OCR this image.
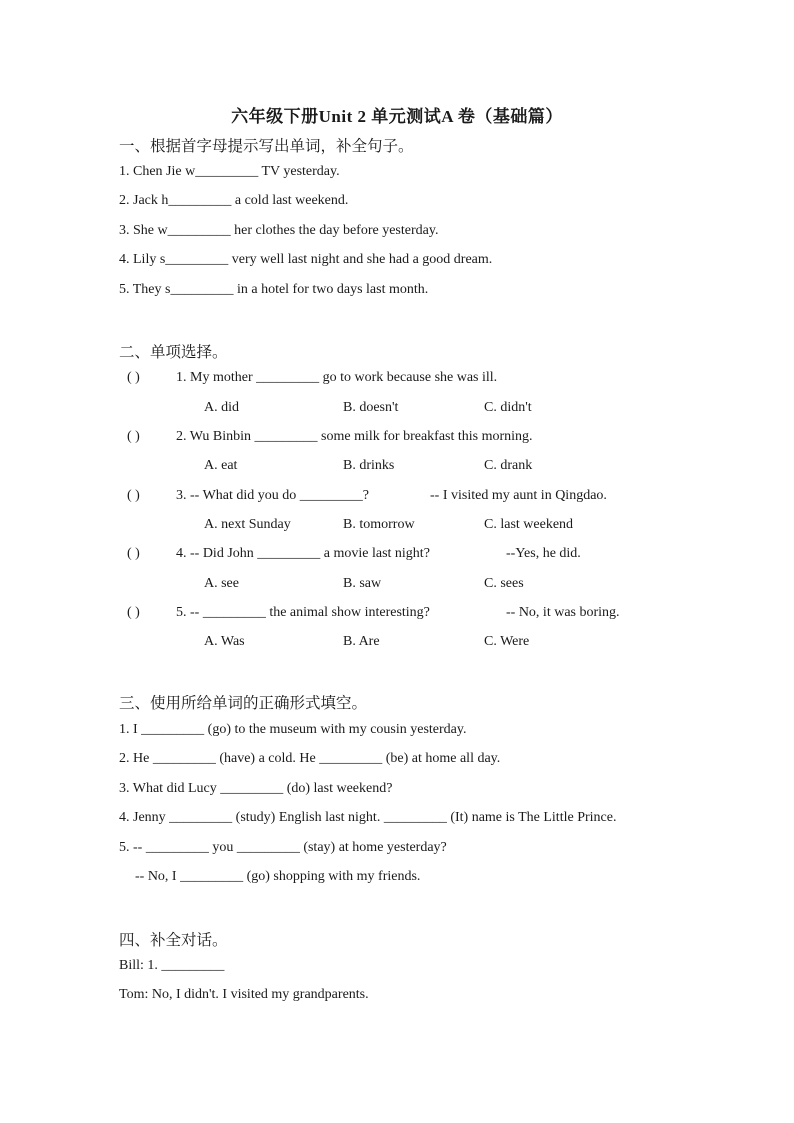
六年级下册Unit 2 单元测试A 卷（基础篇）
一、根据首字母提示写出单词，补全句子。
1. Chen Jie w_________ TV yesterday.
2. Jack h_________ a cold last weekend.
3. She w_________ her clothes the day before yesterday.
4. Lily s_________ very well last night and she had a good dream.
5. They s_________ in a hotel for two days last month.
二、单项选择。
( )	1. My mother _________ go to work because she was ill.
A. did	B. doesn't	C. didn't
( )	2. Wu Binbin _________ some milk for breakfast this morning.
A. eat	B. drinks	C. drank
( )	3. -- What did you do _________?	-- I visited my aunt in Qingdao.
A. next Sunday	B. tomorrow	C. last weekend
( )	4. -- Did John _________ a movie last night?	--Yes, he did.
A. see	B. saw	C. sees
( )	5. -- _________ the animal show interesting?	-- No, it was boring.
A. Was	B. Are	C. Were
三、使用所给单词的正确形式填空。
1. I _________ (go) to the museum with my cousin yesterday.
2. He _________ (have) a cold. He _________ (be) at home all day.
3. What did Lucy _________ (do) last weekend?
4. Jenny _________ (study) English last night. _________ (It) name is The Little Prince.
5. -- _________ you _________ (stay) at home yesterday?
-- No, I _________ (go) shopping with my friends.
四、补全对话。
Bill: 1. _________
Tom: No, I didn't. I visited my grandparents.
